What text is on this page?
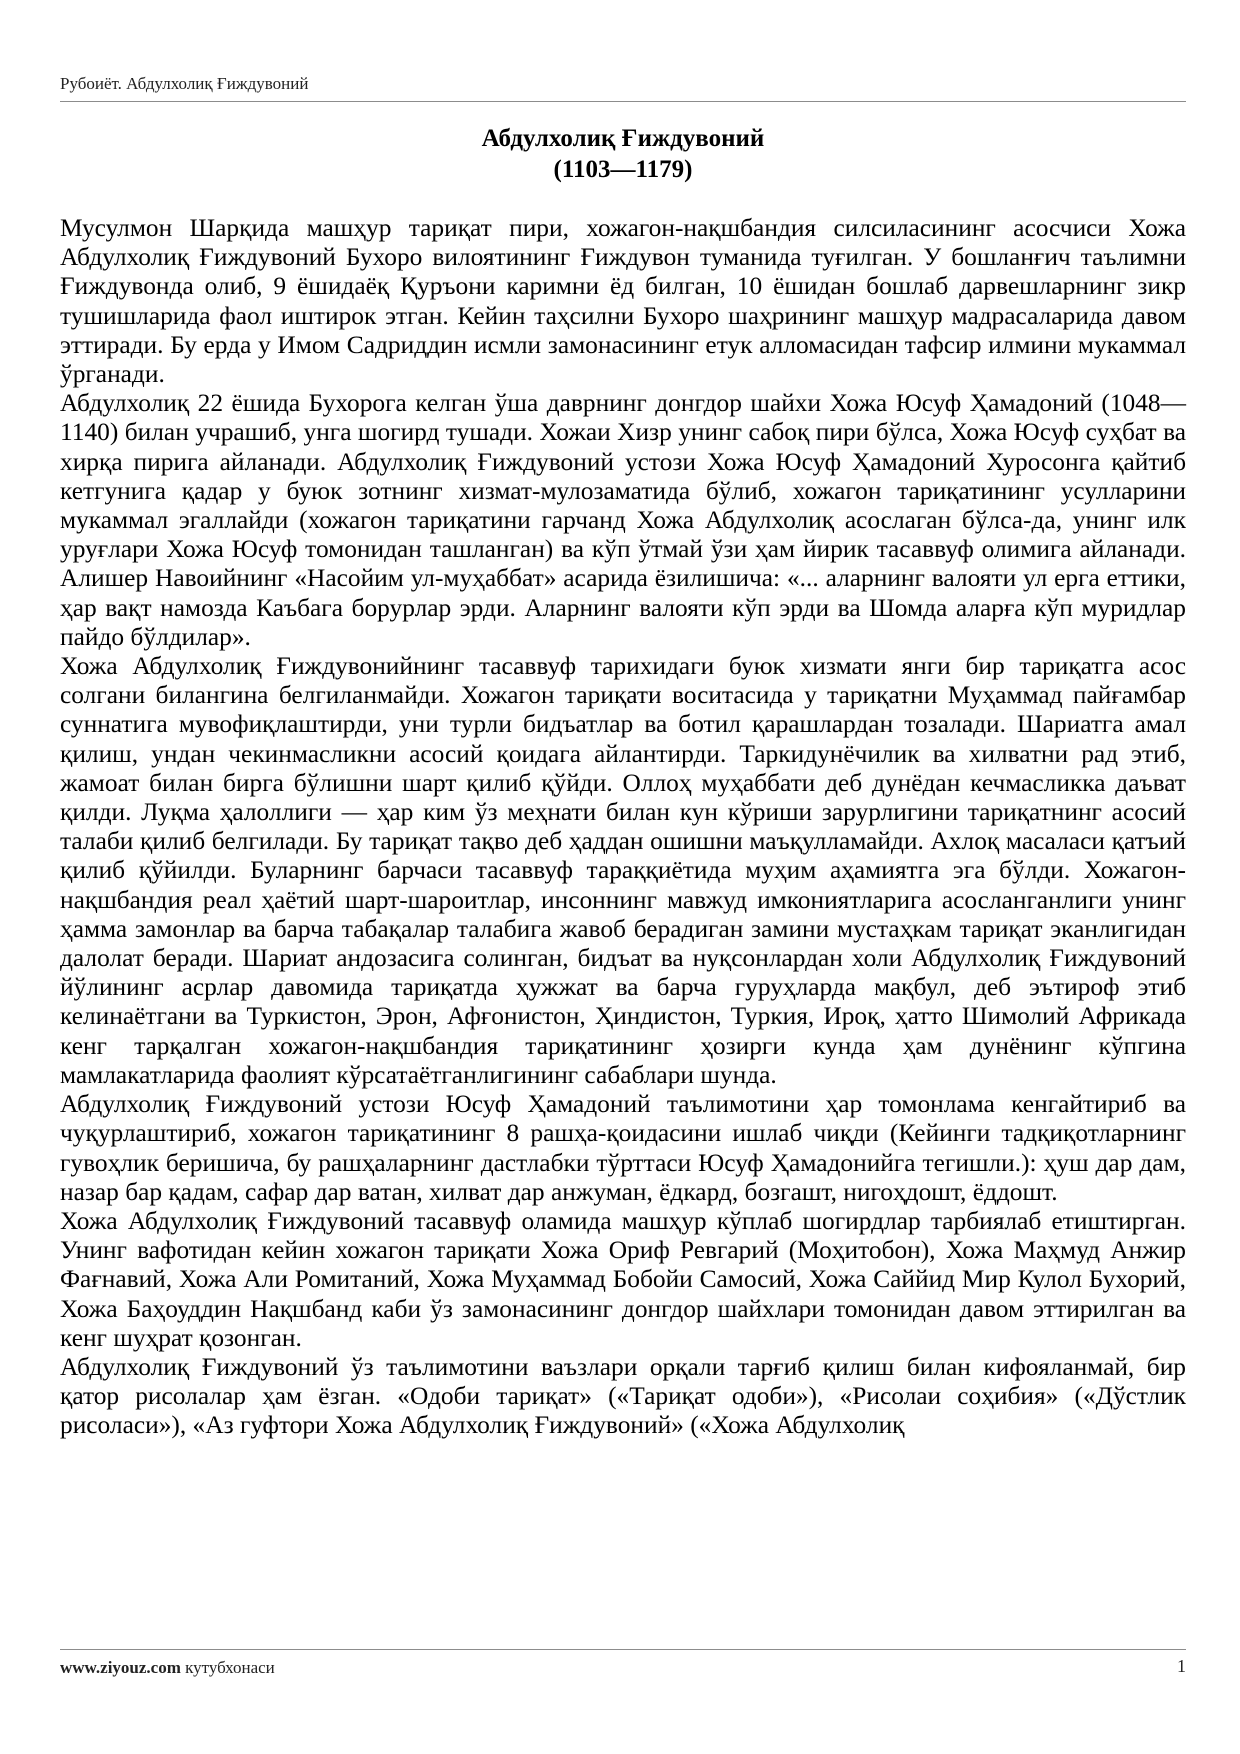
Рубоиёт. Абдулхолиқ Ғиждувоний
Абдулхолиқ Ғиждувоний
(1103—1179)

Мусулмон Шарқида машҳур тариқат пири, хожагон-нақшбандия силсиласининг асосчиси Хожа Абдулхолиқ Ғиждувоний Бухоро вилоятининг Ғиждувон туманида туғилган. У бошланғич таълимни Ғиждувонда олиб, 9 ёшидаёқ Қуръони каримни ёд билган, 10 ёшидан бошлаб дарвешларнинг зикр тушишларида фаол иштирок этган. Кейин таҳсилни Бухоро шаҳрининг машҳур мадрасаларида давом эттиради. Бу ерда у Имом Садриддин исмли замонасининг етук алломасидан тафсир илмини мукаммал ўрганади.

Абдулхолиқ 22 ёшида Бухорога келган ўша даврнинг донгдор шайхи Хожа Юсуф Ҳамадоний (1048—1140) билан учрашиб, унга шогирд тушади. Хожаи Хизр унинг сабоқ пири бўлса, Хожа Юсуф суҳбат ва хирқа пирига айланади. Абдулхолиқ Ғиждувоний устози Хожа Юсуф Ҳамадоний Хуросонга қайтиб кетгунига қадар у буюк зотнинг хизмат-мулозаматида бўлиб, хожагон тариқатининг усулларини мукаммал эгаллайди (хожагон тариқатини гарчанд Хожа Абдулхолиқ асослаган бўлса-да, унинг илк уруғлари Хожа Юсуф томонидан ташланган) ва кўп ўтмай ўзи ҳам йирик тасаввуф олимига айланади. Алишер Навоийнинг «Насойим ул-муҳаббат» асарида ёзилишича: «... аларнинг валояти ул ерга еттики, ҳар вақт намозда Каъбага борурлар эрди. Аларнинг валояти кўп эрди ва Шомда аларға кўп муридлар пайдо бўлдилар».

Хожа Абдулхолиқ Ғиждувонийнинг тасаввуф тарихидаги буюк хизмати янги бир тариқатга асос солгани билангина белгиланмайди. Хожагон тариқати воситасида у тариқатни Муҳаммад пайғамбар суннатига мувофиқлаштирди, уни турли бидъатлар ва ботил қарашлардан тозалади. Шариатга амал қилиш, ундан чекинмасликни асосий қоидага айлантирди. Таркидунёчилик ва хилватни рад этиб, жамоат билан бирга бўлишни шарт қилиб қўйди. Оллоҳ муҳаббати деб дунёдан кечмасликка даъват қилди. Луқма ҳалоллиги — ҳар ким ўз меҳнати билан кун кўриши зарурлигини тариқатнинг асосий талаби қилиб белгилади. Бу тариқат тақво деб ҳаддан ошишни маъқулламайди. Ахлоқ масаласи қатъий қилиб қўйилди. Буларнинг барчаси тасаввуф тараққиётида муҳим аҳамиятга эга бўлди. Хожагон-нақшбандия реал ҳаётий шарт-шароитлар, инсоннинг мавжуд имкониятларига асосланганлиги унинг ҳамма замонлар ва барча табақалар талабига жавоб берадиган замини мустаҳкам тариқат эканлигидан далолат беради. Шариат андозасига солинган, бидъат ва нуқсонлардан холи Абдулхолиқ Ғиждувоний йўлининг асрлар давомида тариқатда ҳужжат ва барча гуруҳларда мақбул, деб эътироф этиб келинаётгани ва Туркистон, Эрон, Афғонистон, Ҳиндистон, Туркия, Ироқ, ҳатто Шимолий Африкада кенг тарқалган хожагон-нақшбандия тариқатининг ҳозирги кунда ҳам дунёнинг кўпгина мамлакатларида фаолият кўрсатаётганлигининг сабаблари шунда.

Абдулхолиқ Ғиждувоний устози Юсуф Ҳамадоний таълимотини ҳар томонлама кенгайтириб ва чуқурлаштириб, хожагон тариқатининг 8 рашҳа-қоидасини ишлаб чиқди (Кейинги тадқиқотларнинг гувоҳлик беришича, бу рашҳаларнинг дастлабки тўрттаси Юсуф Ҳамадонийга тегишли.): ҳуш дар дам, назар бар қадам, сафар дар ватан, хилват дар анжуман, ёдкард, бозгашт, нигоҳдошт, ёддошт.

Хожа Абдулхолиқ Ғиждувоний тасаввуф оламида машҳур кўплаб шогирдлар тарбиялаб етиштирган. Унинг вафотидан кейин хожагон тариқати Хожа Ориф Ревгарий (Моҳитобон), Хожа Маҳмуд Анжир Фағнавий, Хожа Али Ромитаний, Хожа Муҳаммад Бобойи Самосий, Хожа Саййид Мир Кулол Бухорий, Хожа Баҳоуддин Нақшбанд каби ўз замонасининг донгдор шайхлари томонидан давом эттирилган ва кенг шуҳрат қозонган.

Абдулхолиқ Ғиждувоний ўз таълимотини ваъзлари орқали тарғиб қилиш билан кифояланмай, бир қатор рисолалар ҳам ёзган. «Одоби тариқат» («Тариқат одоби»), «Рисолаи соҳибия» («Дўстлик рисоласи»), «Аз гуфтори Хожа Абдулхолиқ Ғиждувоний» («Хожа Абдулхолиқ

www.ziyouz.com кутубхонаси	1
